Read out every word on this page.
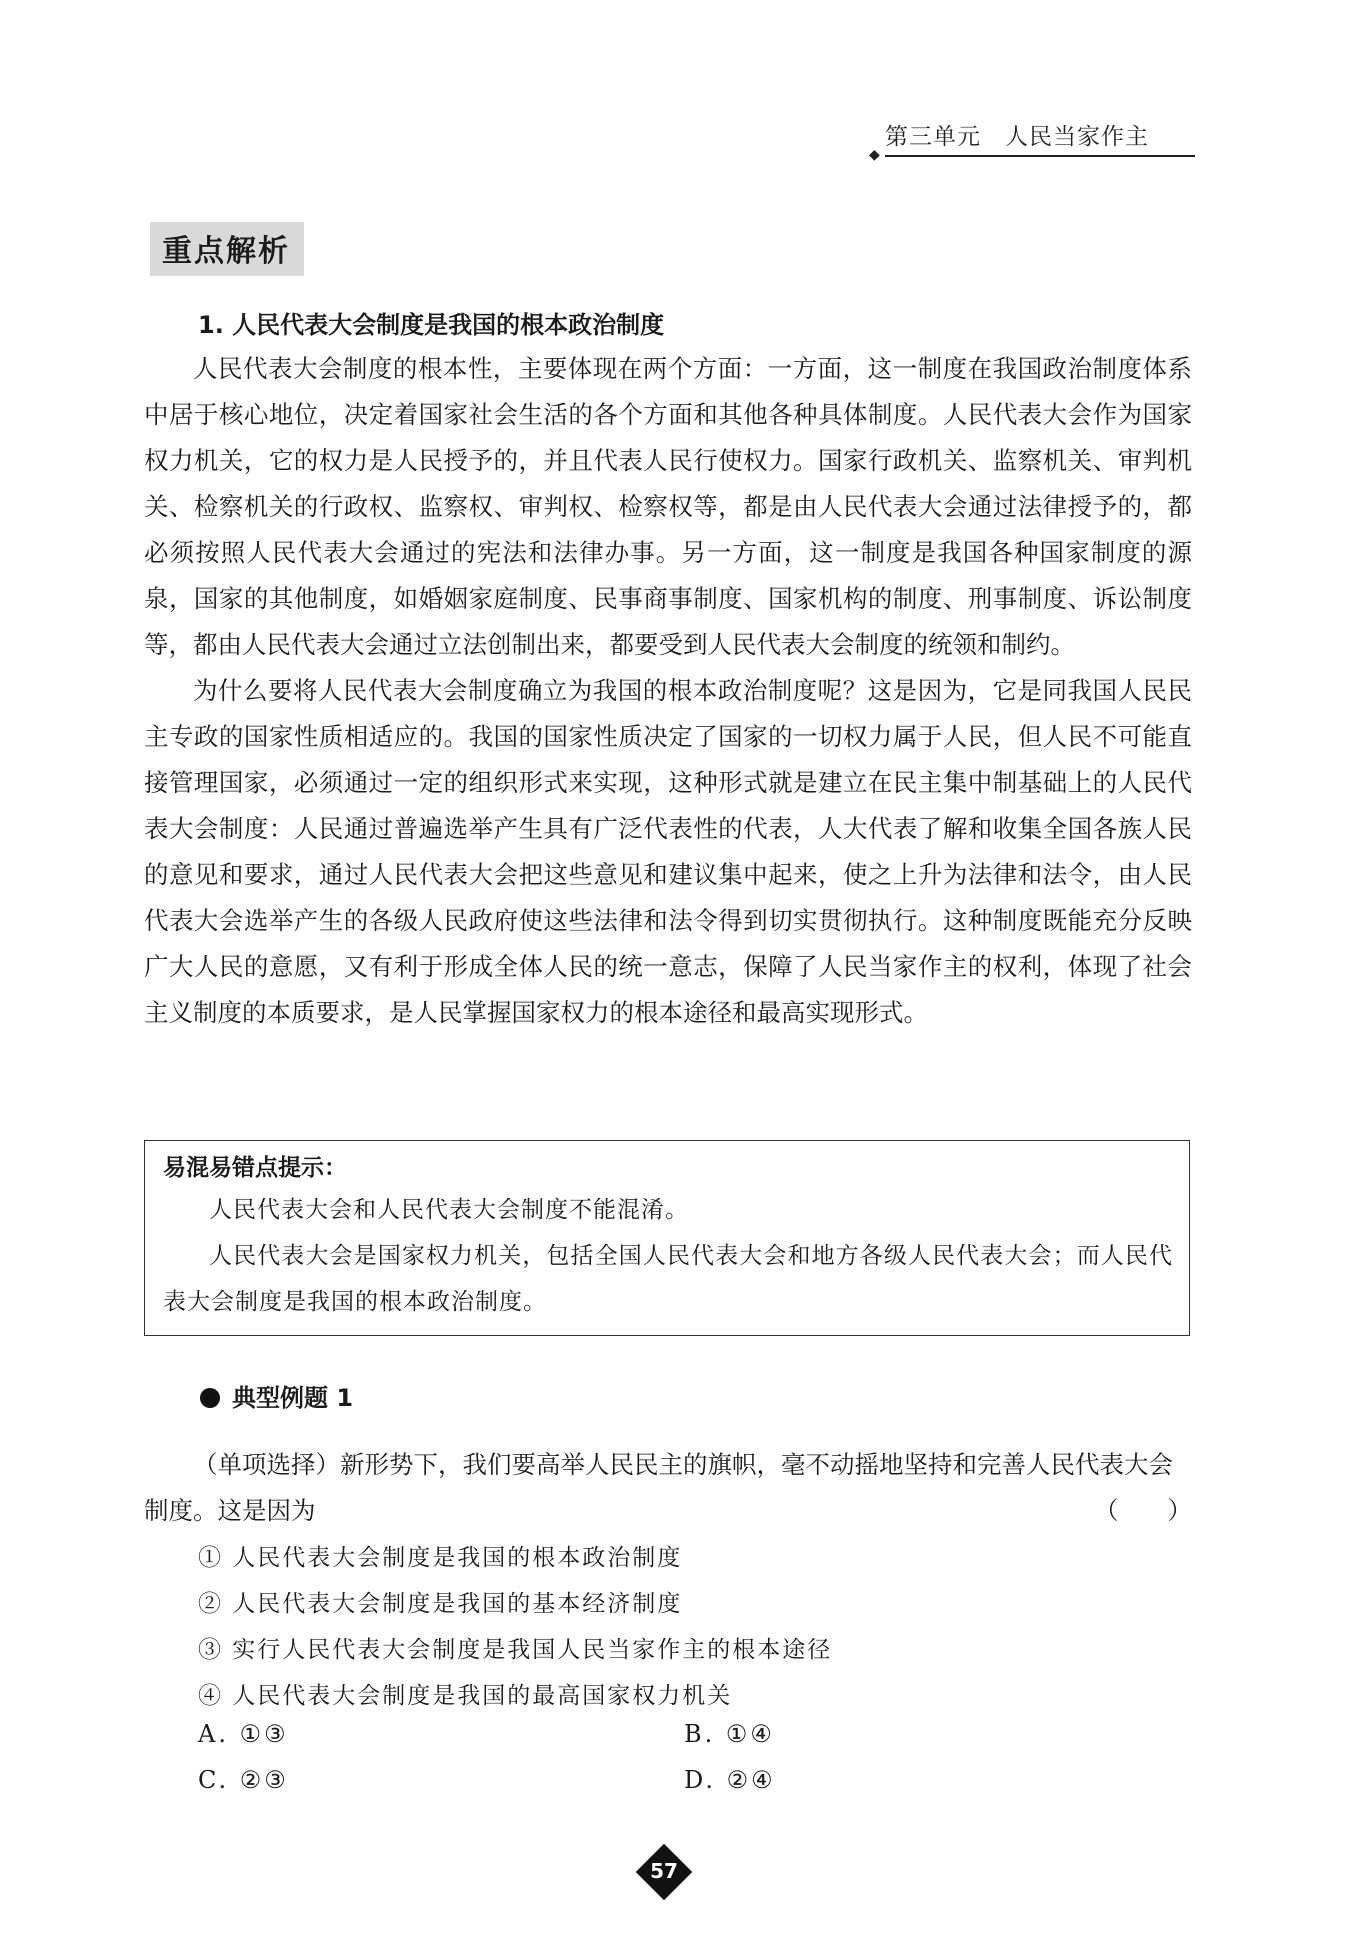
◆
第三单元　人民当家作主
重点解析
1. 人民代表大会制度是我国的根本政治制度

人民代表大会制度的根本性，主要体现在两个方面：一方面，这一制度在我国政治制度体系中居于核心地位，决定着国家社会生活的各个方面和其他各种具体制度。人民代表大会作为国家权力机关，它的权力是人民授予的，并且代表人民行使权力。国家行政机关、监察机关、审判机关、检察机关的行政权、监察权、审判权、检察权等，都是由人民代表大会通过法律授予的，都必须按照人民代表大会通过的宪法和法律办事。另一方面，这一制度是我国各种国家制度的源泉，国家的其他制度，如婚姻家庭制度、民事商事制度、国家机构的制度、刑事制度、诉讼制度等，都由人民代表大会通过立法创制出来，都要受到人民代表大会制度的统领和制约。

为什么要将人民代表大会制度确立为我国的根本政治制度呢？这是因为，它是同我国人民民主专政的国家性质相适应的。我国的国家性质决定了国家的一切权力属于人民，但人民不可能直接管理国家，必须通过一定的组织形式来实现，这种形式就是建立在民主集中制基础上的人民代表大会制度：人民通过普遍选举产生具有广泛代表性的代表，人大代表了解和收集全国各族人民的意见和要求，通过人民代表大会把这些意见和建议集中起来，使之上升为法律和法令，由人民代表大会选举产生的各级人民政府使这些法律和法令得到切实贯彻执行。这种制度既能充分反映广大人民的意愿，又有利于形成全体人民的统一意志，保障了人民当家作主的权利，体现了社会主义制度的本质要求，是人民掌握国家权力的根本途径和最高实现形式。

易混易错点提示：

人民代表大会和人民代表大会制度不能混淆。

人民代表大会是国家权力机关，包括全国人民代表大会和地方各级人民代表大会；而人民代表大会制度是我国的根本政治制度。

典型例题 1

（单项选择）新形势下，我们要高举人民民主的旗帜，毫不动摇地坚持和完善人民代表大会制度。这是因为	（　　）
① 人民代表大会制度是我国的根本政治制度
② 人民代表大会制度是我国的基本经济制度
③ 实行人民代表大会制度是我国人民当家作主的根本途径
④ 人民代表大会制度是我国的最高国家权力机关
A. ①③	B. ①④
C. ②③	D. ②④
57
